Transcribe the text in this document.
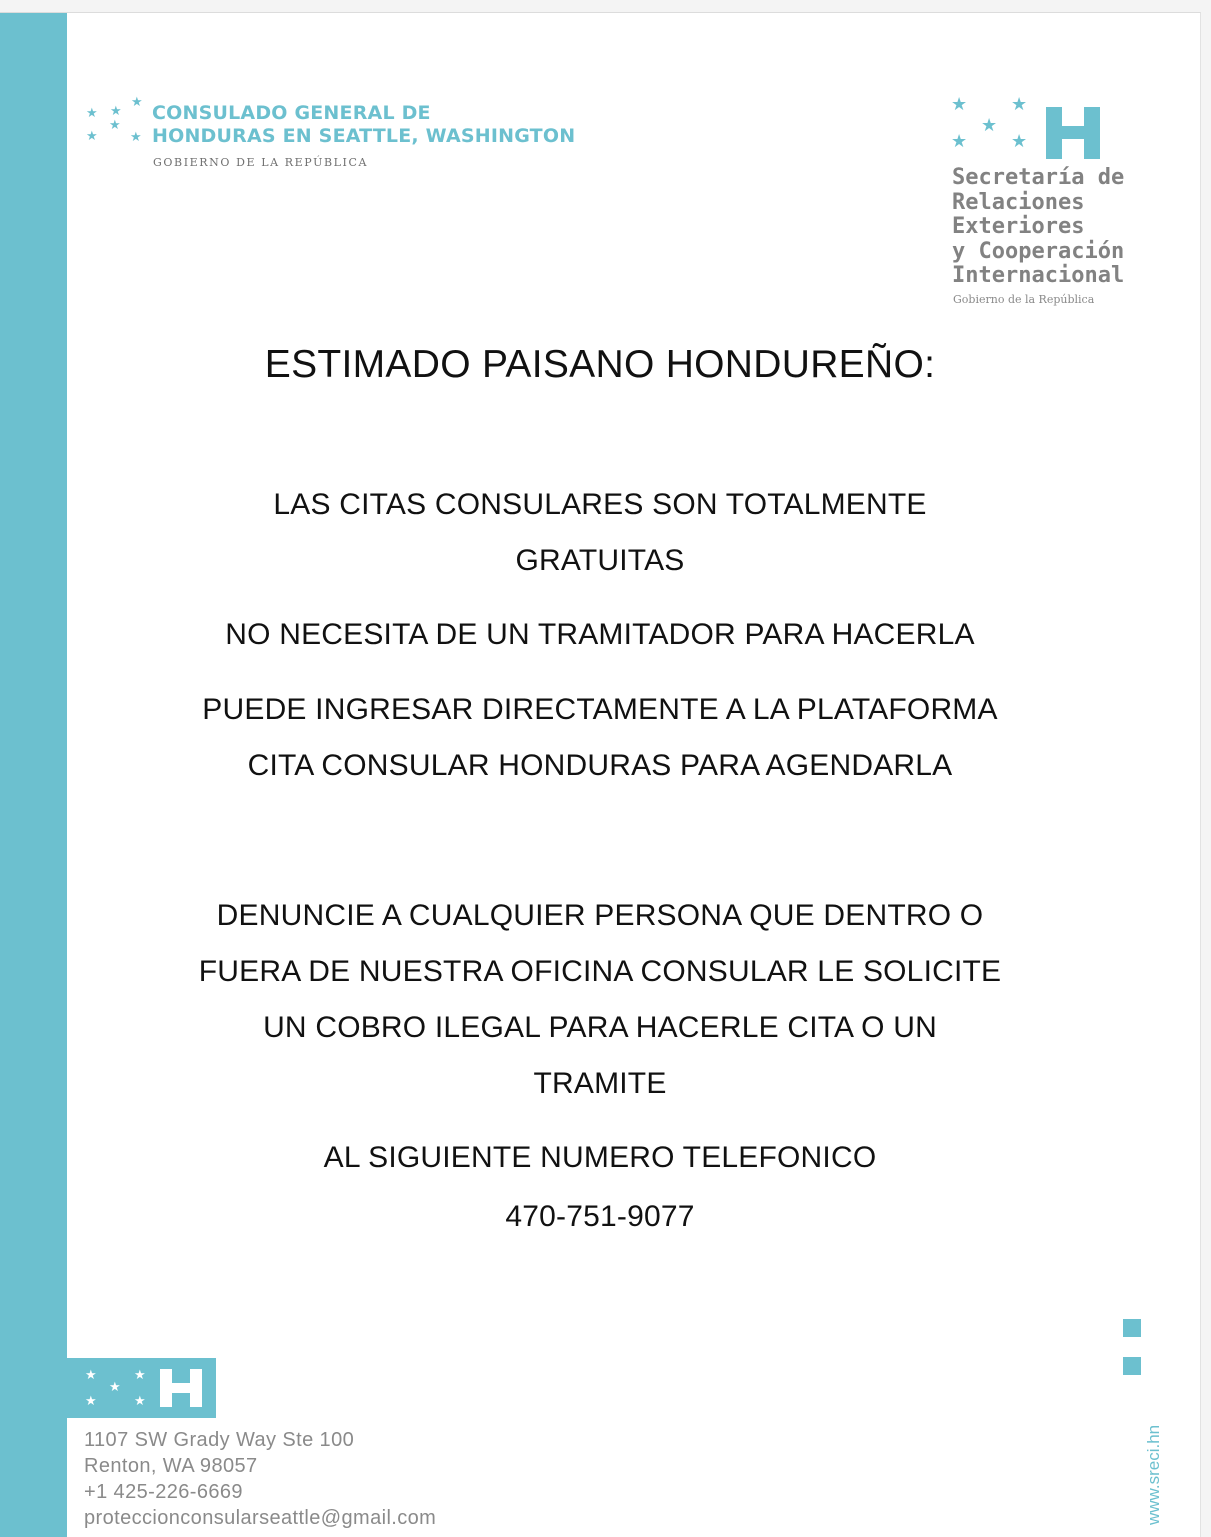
★ ★
★
★
★
★
CONSULADO GENERAL DE
HONDURAS EN SEATTLE, WASHINGTON
GOBIERNO DE LA REPÚBLICA
★
★
★
★ ★
Secretaría de
Relaciones
Exteriores
y Cooperación
Internacional
Gobierno de la República
ESTIMADO PAISANO HONDUREÑO:
LAS CITAS CONSULARES SON TOTALMENTE
GRATUITAS
NO NECESITA DE UN TRAMITADOR PARA HACERLA
PUEDE INGRESAR DIRECTAMENTE A LA PLATAFORMA
CITA CONSULAR HONDURAS PARA AGENDARLA
DENUNCIE A CUALQUIER PERSONA QUE DENTRO O
FUERA DE NUESTRA OFICINA CONSULAR LE SOLICITE
UN COBRO ILEGAL PARA HACERLE CITA O UN
TRAMITE
AL SIGUIENTE NUMERO TELEFONICO
470-751-9077
★
★
★
★	★
1107 SW Grady Way Ste 100
Renton, WA 98057
+1 425-226-6669
proteccionconsularseattle@gmail.com	www.sreci.hn
